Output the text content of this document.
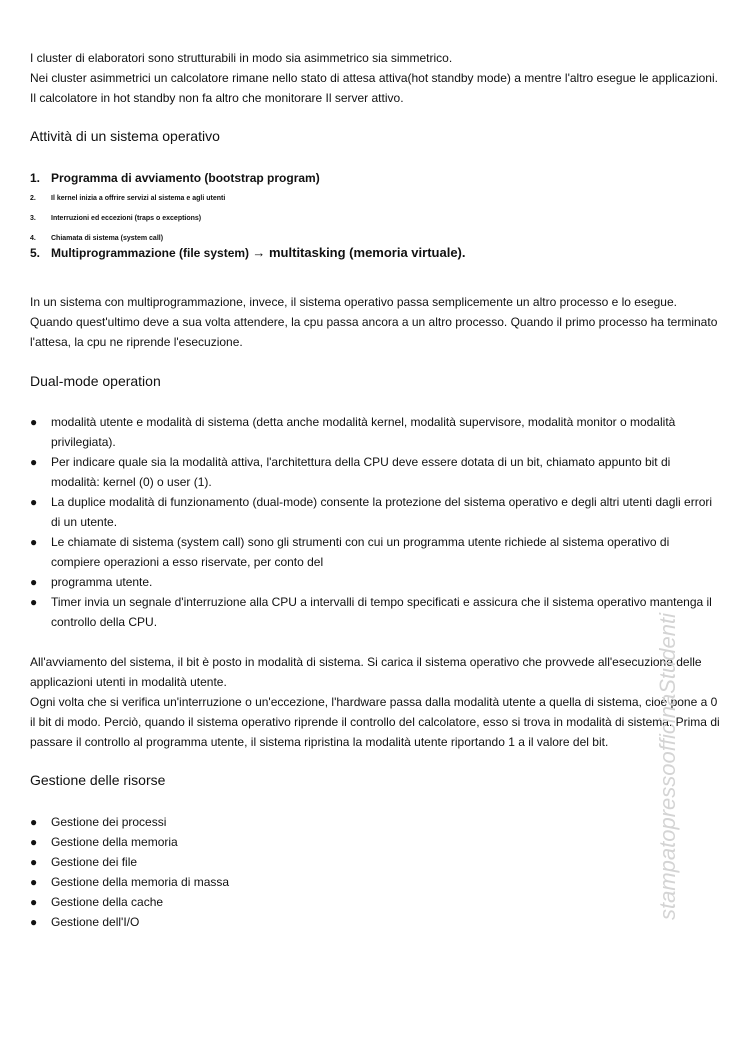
I cluster di elaboratori sono strutturabili in modo sia asimmetrico sia simmetrico.
Nei cluster asimmetrici un calcolatore rimane nello stato di attesa attiva(hot standby mode) a mentre l'altro esegue le applicazioni. Il calcolatore in hot standby non fa altro che monitorare Il server attivo.
Attività di un sistema operativo
1. Programma di avviamento (bootstrap program)
2. Il kernel inizia a offrire servizi al sistema e agli utenti
3. Interruzioni ed eccezioni (traps o exceptions)
4. Chiamata di sistema (system call)
5. Multiprogrammazione (file system) → multitasking (memoria virtuale).
In un sistema con multiprogrammazione, invece, il sistema operativo passa semplicemente un altro processo e lo esegue. Quando quest'ultimo deve a sua volta attendere, la cpu passa ancora a un altro processo. Quando il primo processo ha terminato l'attesa, la cpu ne riprende l'esecuzione.
Dual-mode operation
● modalità utente e modalità di sistema (detta anche modalità kernel, modalità supervisore, modalità monitor o modalità privilegiata).
● Per indicare quale sia la modalità attiva, l'architettura della CPU deve essere dotata di un bit, chiamato appunto bit di modalità: kernel (0) o user (1).
● La duplice modalità di funzionamento (dual-mode) consente la protezione del sistema operativo e degli altri utenti dagli errori di un utente.
● Le chiamate di sistema (system call) sono gli strumenti con cui un programma utente richiede al sistema operativo di compiere operazioni a esso riservate, per conto del
● programma utente.
● Timer invia un segnale d'interruzione alla CPU a intervalli di tempo specificati e assicura che il sistema operativo mantenga il controllo della CPU.
All'avviamento del sistema, il bit è posto in modalità di sistema. Si carica il sistema operativo che provvede all'esecuzione delle applicazioni utenti in modalità utente.
Ogni volta che si verifica un'interruzione o un'eccezione, l'hardware passa dalla modalità utente a quella di sistema, cioè pone a 0 il bit di modo. Perciò, quando il sistema operativo riprende il controllo del calcolatore, esso si trova in modalità di sistema. Prima di passare il controllo al programma utente, il sistema ripristina la modalità utente riportando 1 a il valore del bit.
Gestione delle risorse
● Gestione dei processi
● Gestione della memoria
● Gestione dei file
● Gestione della memoria di massa
● Gestione della cache
● Gestione dell'I/O
stampatopressoofficinaStudenti
